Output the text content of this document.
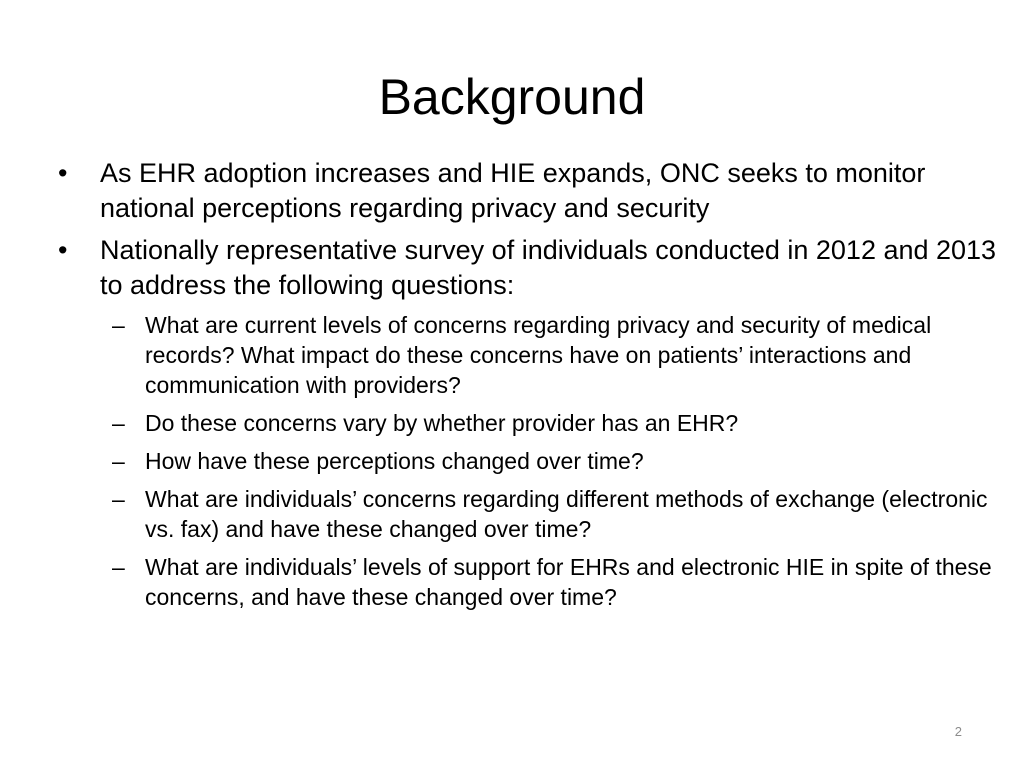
Background
•	As EHR adoption increases and HIE expands, ONC seeks to monitor national perceptions regarding privacy and security
•	Nationally representative survey of individuals conducted in 2012 and 2013 to address the following questions:
– What are current levels of concerns regarding privacy and security of medical records? What impact do these concerns have on patients’ interactions and communication with providers?
– Do these concerns vary by whether provider has an EHR?
– How have these perceptions changed over time?
– What are individuals’ concerns regarding different methods of exchange (electronic vs. fax) and have these changed over time?
– What are individuals’ levels of support for EHRs and electronic HIE in spite of these concerns, and have these changed over time?
2
